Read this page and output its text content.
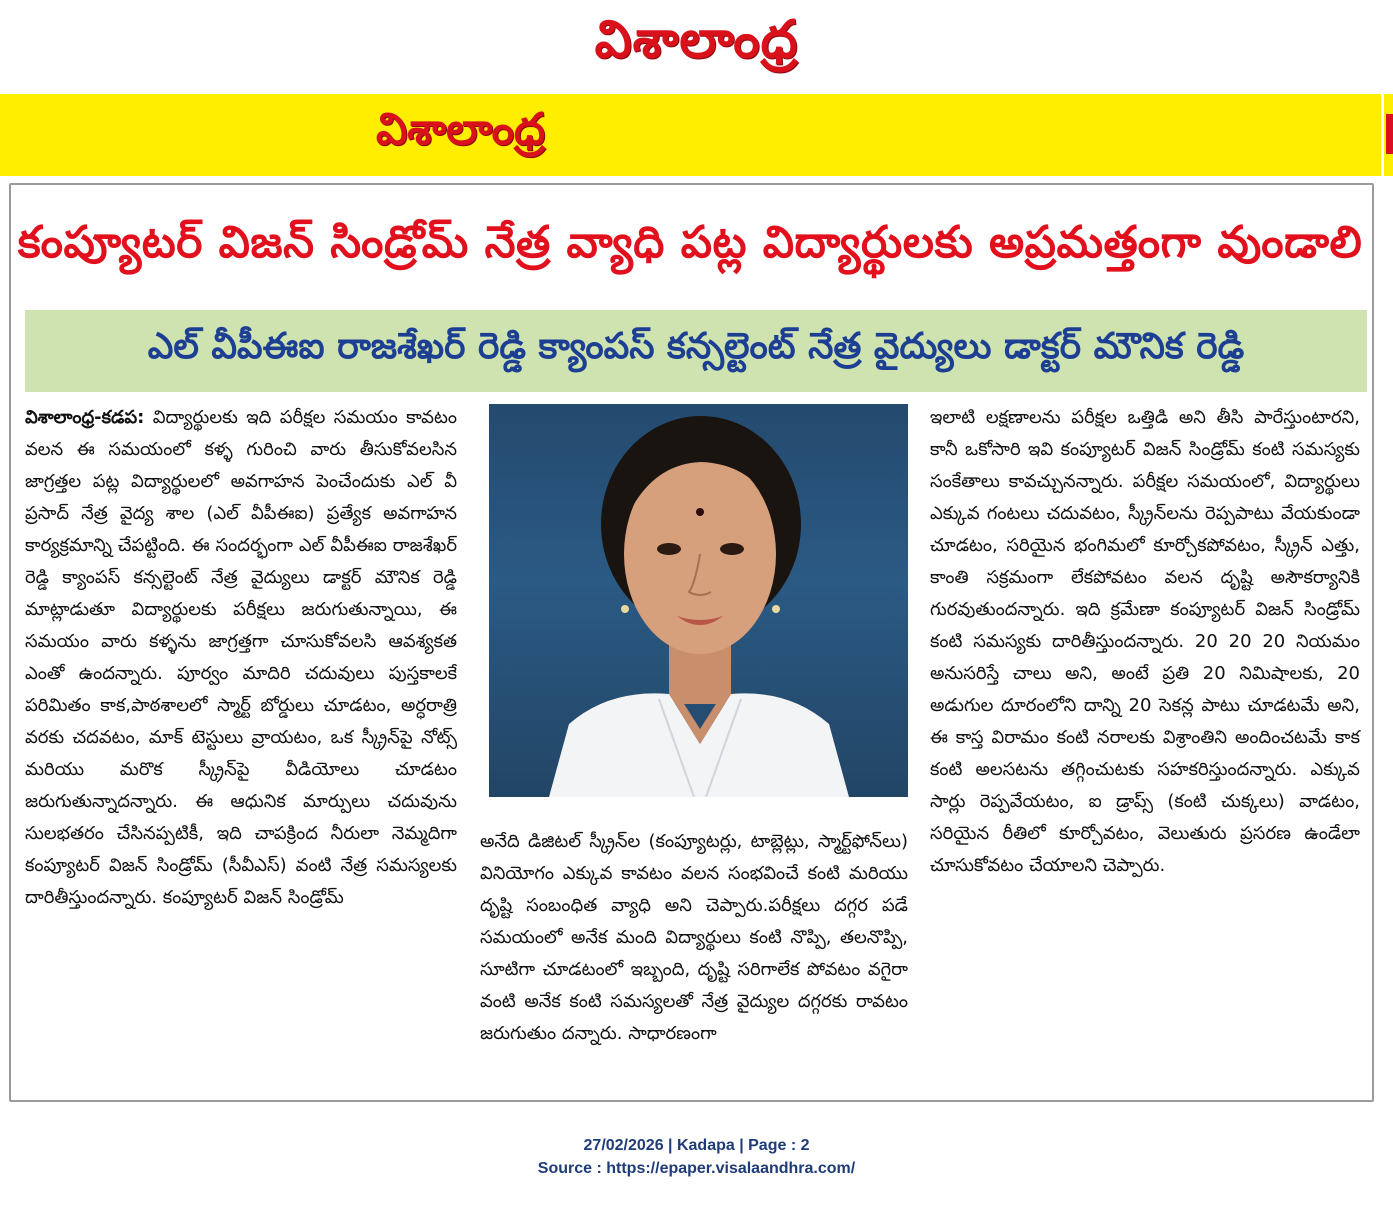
విశాలాంధ్ర
విశాలాంధ్ర
కంప్యూటర్ విజన్ సిండ్రోమ్ నేత్ర వ్యాధి పట్ల విద్యార్థులకు అప్రమత్తంగా వుండాలి
ఎల్ వీపీఈఐ రాజశేఖర్ రెడ్డి క్యాంపస్ కన్సల్టెంట్ నేత్ర వైద్యులు డాక్టర్ మౌనిక రెడ్డి

విశాలాంధ్ర-కడప: విద్యార్థులకు ఇది పరీక్షల సమయం కావటం వలన ఈ సమయంలో కళ్ళ గురించి వారు తీసుకోవలసిన జాగ్రత్తల పట్ల విద్యార్థులలో అవగాహన పెంచేందుకు ఎల్ వీ ప్రసాద్ నేత్ర వైద్య శాల (ఎల్ వీపీఈఐ) ప్రత్యేక అవగాహన కార్యక్రమాన్ని చేపట్టింది. ఈ సందర్భంగా ఎల్ వీపీఈఐ రాజశేఖర్ రెడ్డి క్యాంపస్ కన్సల్టెంట్ నేత్ర వైద్యులు డాక్టర్ మౌనిక రెడ్డి మాట్లాడుతూ విద్యార్థులకు పరీక్షలు జరుగుతున్నాయి, ఈ సమయం వారు కళ్ళను జాగ్రత్తగా చూసుకోవలసి ఆవశ్యకత ఎంతో ఉందన్నారు. పూర్వం మాదిరి చదువులు పుస్తకాలకే పరిమితం కాక,పాఠశాలలో స్మార్ట్ బోర్డులు చూడటం, అర్ధరాత్రి వరకు చదవటం, మాక్ టెస్టులు వ్రాయటం, ఒక స్క్రీన్‌పై నోట్స్ మరియు మరొక స్క్రీన్‌పై వీడియోలు చూడటం జరుగుతున్నాదన్నారు. ఈ ఆధునిక మార్పులు చదువును సులభతరం చేసినప్పటికీ, ఇది చాపక్రింద నీరులా నెమ్మదిగా కంప్యూటర్ విజన్ సిండ్రోమ్ (సీవీఎస్) వంటి నేత్ర సమస్యలకు దారితీస్తుందన్నారు. కంప్యూటర్ విజన్ సిండ్రోమ్

అనేది డిజిటల్ స్క్రీన్‌ల (కంప్యూటర్లు, టాబ్లెట్లు, స్మార్ట్‌ఫోన్‌లు) వినియోగం ఎక్కువ కావటం వలన సంభవించే కంటి మరియు దృష్టి సంబంధిత వ్యాధి అని చెప్పారు.పరీక్షలు దగ్గర పడే సమయంలో అనేక మంది విద్యార్థులు కంటి నొప్పి, తలనొప్పి, సూటిగా చూడటంలో ఇబ్బంది, దృష్టి సరిగాలేక పోవటం వగైరా వంటి అనేక కంటి సమస్యలతో నేత్ర వైద్యుల దగ్గరకు రావటం జరుగుతుం దన్నారు. సాధారణంగా

ఇలాటి లక్షణాలను పరీక్షల ఒత్తిడి అని తీసి పారేస్తుంటారని, కానీ ఒకోసారి ఇవి కంప్యూటర్ విజన్ సిండ్రోమ్ కంటి సమస్యకు సంకేతాలు కావచ్చునన్నారు. పరీక్షల సమయంలో, విద్యార్థులు ఎక్కువ గంటలు చదువటం, స్క్రీన్‌లను రెప్పపాటు వేయకుండా చూడటం, సరియైన భంగిమలో కూర్చోకపోవటం, స్క్రీన్ ఎత్తు, కాంతి సక్రమంగా లేకపోవటం వలన దృష్టి అసౌకర్యానికి గురవుతుందన్నారు. ఇది క్రమేణా కంప్యూటర్ విజన్ సిండ్రోమ్ కంటి సమస్యకు దారితీస్తుందన్నారు. 20 20 20 నియమం అనుసరిస్తే చాలు అని, అంటే ప్రతి 20 నిమిషాలకు, 20 అడుగుల దూరంలోని దాన్ని 20 సెకన్ల పాటు చూడటమే అని, ఈ కాస్త విరామం కంటి నరాలకు విశ్రాంతిని అందించటమే కాక కంటి అలసటను తగ్గించుటకు సహకరిస్తుందన్నారు. ఎక్కువ సార్లు రెప్పవేయటం, ఐ డ్రాప్స్ (కంటి చుక్కలు) వాడటం, సరియైన రీతిలో కూర్చోవటం, వెలుతురు ప్రసరణ ఉండేలా చూసుకోవటం చేయాలని చెప్పారు.

27/02/2026 | Kadapa | Page : 2
Source : https://epaper.visalaandhra.com/
